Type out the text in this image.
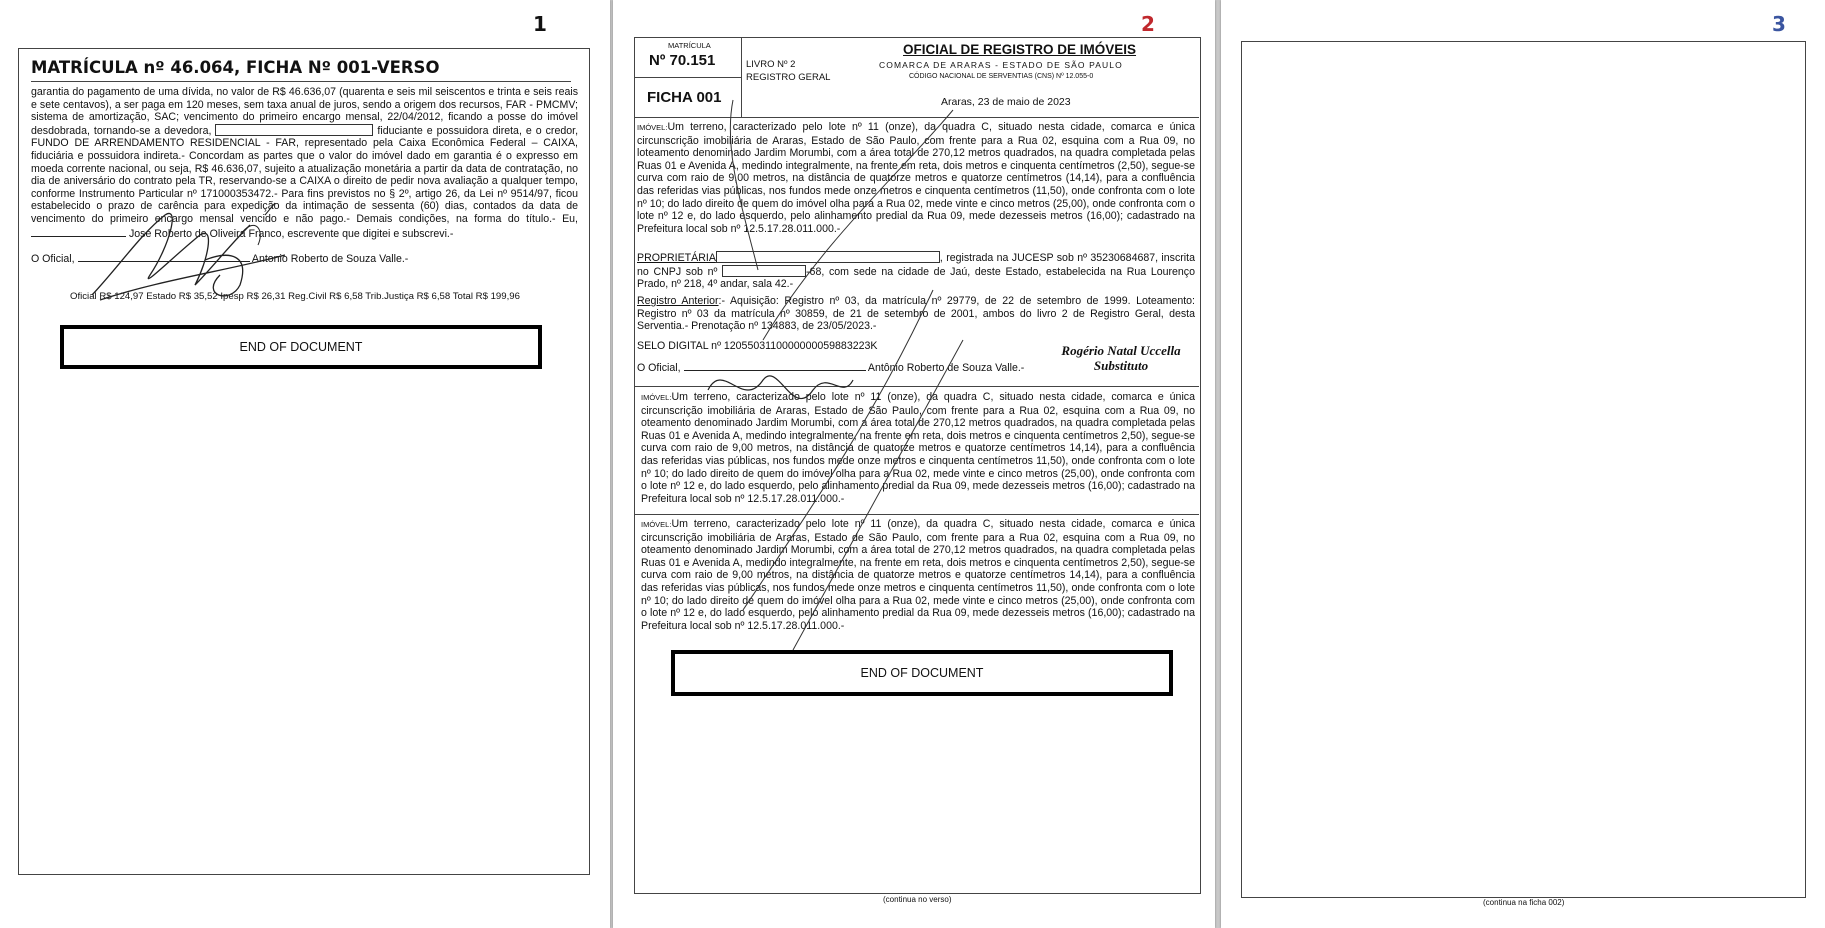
1
MATRÍCULA nº 46.064, FICHA Nº 001-VERSO

garantia do pagamento de uma dívida, no valor de R$ 46.636,07 (quarenta e seis mil seiscentos e trinta e seis reais e sete centavos), a ser paga em 120 meses, sem taxa anual de juros, sendo a origem dos recursos, FAR - PMCMV; sistema de amortização, SAC; vencimento do primeiro encargo mensal, 22/04/2012, ficando a posse do imóvel desdobrada, tornando-se a devedora,	fiduciante e possuidora direta, e o credor, FUNDO DE ARRENDAMENTO RESIDENCIAL - FAR, representado pela Caixa Econômica Federal – CAIXA, fiduciária e possuidora indireta.- Concordam as partes que o valor do imóvel dado em garantia é o expresso em moeda corrente nacional, ou seja, R$ 46.636,07, sujeito a atualização monetária a partir da data de contratação, no dia de aniversário do contrato pela TR, reservando-se a CAIXA o direito de pedir nova avaliação a qualquer tempo, conforme Instrumento Particular nº 171000353472.- Para fins previstos no § 2º, artigo 26, da Lei nº 9514/97, ficou estabelecido o prazo de carência para expedição da intimação de sessenta (60) dias, contados da data de vencimento do primeiro encargo mensal vencido e não pago.- Demais condições, na forma do título.- Eu,  José Roberto de Oliveira Franco, escrevente que digitei e subscrevi.-

O Oficial,	Antonio Roberto de Souza Valle.-

Oficial R$ 124,97 Estado R$ 35,52 Ipesp R$ 26,31 Reg.Civil R$ 6,58 Trib.Justiça R$ 6,58 Total R$ 199,96
END OF DOCUMENT
2
MATRÍCULA
Nº 70.151
FICHA 001
LIVRO Nº 2
REGISTRO GERAL
OFICIAL DE REGISTRO DE IMÓVEIS
COMARCA DE ARARAS - ESTADO DE SÃO PAULO
CÓDIGO NACIONAL DE SERVENTIAS (CNS) Nº 12.055-0
Araras, 23 de maio de 2023

IMÓVEL:Um terreno, caracterizado pelo lote nº 11 (onze), da quadra C, situado nesta cidade, comarca e única circunscrição imobiliária de Araras, Estado de São Paulo, com frente para a Rua 02, esquina com a Rua 09, no loteamento denominado Jardim Morumbi, com a área total de 270,12 metros quadrados, na quadra completada pelas Ruas 01 e Avenida A, medindo integralmente, na frente em reta, dois metros e cinquenta centímetros (2,50), segue-se curva com raio de 9,00 metros, na distância de quatorze metros e quatorze centímetros (14,14), para a confluência das referidas vias públicas, nos fundos mede onze metros e cinquenta centímetros (11,50), onde confronta com o lote nº 10; do lado direito de quem do imóvel olha para a Rua 02, mede vinte e cinco metros (25,00), onde confronta com o lote nº 12 e, do lado esquerdo, pelo alinhamento predial da Rua 09, mede dezesseis metros (16,00); cadastrado na Prefeitura local sob nº 12.5.17.28.011.000.-

PROPRIETÁRIA	, registrada na JUCESP sob nº 35230684687, inscrita no CNPJ sob nº	-68, com sede na cidade de Jaú, deste Estado, estabelecida na Rua Lourenço Prado, nº 218, 4º andar, sala 42.-

Registro Anterior:- Aquisição: Registro nº 03, da matrícula nº 29779, de 22 de setembro de 1999. Loteamento: Registro nº 03 da matrícula nº 30859, de 21 de setembro de 2001, ambos do livro 2 de Registro Geral, desta Serventia.- Prenotação nº 134883, de 23/05/2023.-

SELO DIGITAL nº 1205503110000000059883223K	Rogério Natal Uccella
Substituto

O Oficial,	Antônio Roberto de Souza Valle.-

IMÓVEL:Um terreno, caracterizado pelo lote nº 11 (onze), da quadra C, situado nesta cidade, comarca e única circunscrição imobiliária de Araras, Estado de São Paulo, com frente para a Rua 02, esquina com a Rua 09, no oteamento denominado Jardim Morumbi, com a área total de 270,12 metros quadrados, na quadra completada pelas Ruas 01 e Avenida A, medindo integralmente, na frente em reta, dois metros e cinquenta centímetros 2,50), segue-se curva com raio de 9,00 metros, na distância de quatorze metros e quatorze centímetros 14,14), para a confluência das referidas vias públicas, nos fundos mede onze metros e cinquenta centímetros 11,50), onde confronta com o lote nº 10; do lado direito de quem do imóvel olha para a Rua 02, mede vinte e cinco metros (25,00), onde confronta com o lote nº 12 e, do lado esquerdo, pelo alinhamento predial da Rua 09, mede dezesseis metros (16,00); cadastrado na Prefeitura local sob nº 12.5.17.28.011.000.-

IMÓVEL:Um terreno, caracterizado pelo lote nº 11 (onze), da quadra C, situado nesta cidade, comarca e única circunscrição imobiliária de Araras, Estado de São Paulo, com frente para a Rua 02, esquina com a Rua 09, no oteamento denominado Jardim Morumbi, com a área total de 270,12 metros quadrados, na quadra completada pelas Ruas 01 e Avenida A, medindo integralmente, na frente em reta, dois metros e cinquenta centímetros 2,50), segue-se curva com raio de 9,00 metros, na distância de quatorze metros e quatorze centímetros 14,14), para a confluência das referidas vias públicas, nos fundos mede onze metros e cinquenta centímetros 11,50), onde confronta com o lote nº 10; do lado direito de quem do imóvel olha para a Rua 02, mede vinte e cinco metros (25,00), onde confronta com o lote nº 12 e, do lado esquerdo, pelo alinhamento predial da Rua 09, mede dezesseis metros (16,00); cadastrado na Prefeitura local sob nº 12.5.17.28.011.000.-

END OF DOCUMENT
(continua no verso)
3
(continua na ficha 002)
